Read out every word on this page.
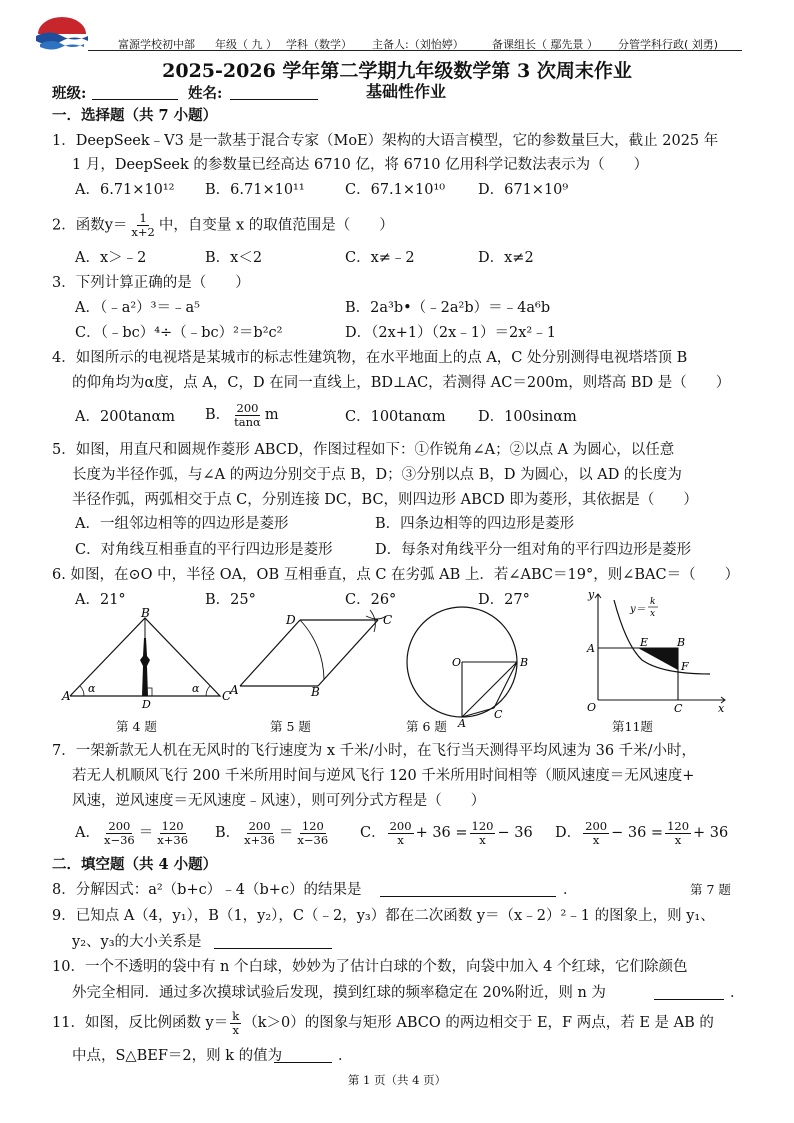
富源学校初中部 年级（ 九 ） 学科（数学） 主备人:（刘怡婷）	备课组长（ 鄢先景 ） 分管学科行政( 刘勇)
2025-2026 学年第二学期九年级数学第 3 次周末作业
班级:	姓名:	基础性作业
一．选择题（共 7 小题）
1．DeepSeek﹣V3 是一款基于混合专家（MoE）架构的大语言模型，它的参数量巨大，截止 2025 年
1 月，DeepSeek 的参数量已经高达 6710 亿，将 6710 亿用科学记数法表示为（　　）
A．6.71×10¹² B．6.71×10¹¹	C．67.1×10¹⁰ D．671×10⁹
2．函数$y= \frac{1}{x+2}$ 中，自变量 x 的取值范围是（　　）
A．x＞﹣2	B．x＜2	C．x≠﹣2	D．x≠2
3．下列计算正确的是（　　）
A．（﹣a²）³＝﹣a⁵	B．2a³b•（﹣2a²b）＝﹣4a⁶b
C．（﹣bc）⁴÷（﹣bc）²＝b²c²	D．（2x+1）（2x﹣1）＝2x²﹣1
4．如图所示的电视塔是某城市的标志性建筑物，在水平地面上的点 A，C 处分别测得电视塔塔顶 B
的仰角均为α度，点 A，C，D 在同一直线上，BD⊥AC，若测得 AC＝200m，则塔高 BD 是（　　）
A．200tanαm B． $\frac{200}{\tan\alpha}$ m	C．100tanαm D．100sinαm
5．如图，用直尺和圆规作菱形 ABCD，作图过程如下：①作锐角∠A；②以点 A 为圆心，以任意
长度为半径作弧，与∠A 的两边分别交于点 B，D；③分别以点 B，D 为圆心，以 AD 的长度为
半径作弧，两弧相交于点 C，分别连接 DC，BC，则四边形 ABCD 即为菱形，其依据是（　　）
A．一组邻边相等的四边形是菱形	B．四条边相等的四边形是菱形
C．对角线互相垂直的平行四边形是菱形	D．每条对角线平分一组对角的平行四边形是菱形
6. 如图，在⊙O 中，半径 OA，OB 互相垂直，点 C 在劣弧 AB 上．若∠ABC＝19°，则∠BAC＝（　　）
A．21°	B．25°	C．26°	D．27°
A
B
C
D
α	α
第 4 题
A	B
C
D
第 5 题
O
A
B
C
第 6 题
y
x
O
A	B
C
E
F
y＝
k
x
第11题
7．一架新款无人机在无风时的飞行速度为 x 千米/小时，在飞行当天测得平均风速为 36 千米/小时，
若无人机顺风飞行 200 千米所用时间与逆风飞行 120 千米所用时间相等（顺风速度＝无风速度+
风速，逆风速度＝无风速度﹣风速），则可列分式方程是（　　）
A． $\frac{200}{x-36} = \frac{120}{x+36}$ B． $\frac{200}{x+36} = \frac{120}{x-36}$ C． $\frac{200}{x} + 36 = \frac{120}{x} - 36$ D． $\frac{200}{x} - 36 = \frac{120}{x} + 36$
二．填空题（共 4 小题）
8．分解因式：a²（b+c）﹣4（b+c）的结果是	．	第 7 题
9．已知点 A（4，y₁），B（1，y₂），C（﹣2，y₃）都在二次函数 y＝（x﹣2）²﹣1 的图象上，则 y₁、
y₂、y₃的大小关系是
10．一个不透明的袋中有 n 个白球，妙妙为了估计白球的个数，向袋中加入 4 个红球，它们除颜色
外完全相同．通过多次摸球试验后发现，摸到红球的频率稳定在 20%附近，则 n 为	．
11．如图，反比例函数 $y= \frac{k}{x} (k>0)$的图象与矩形 ABCO 的两边相交于 E，F 两点，若 E 是 AB 的
中点，S△BEF＝2，则 k 的值为	．
第 1 页（共 4 页）
